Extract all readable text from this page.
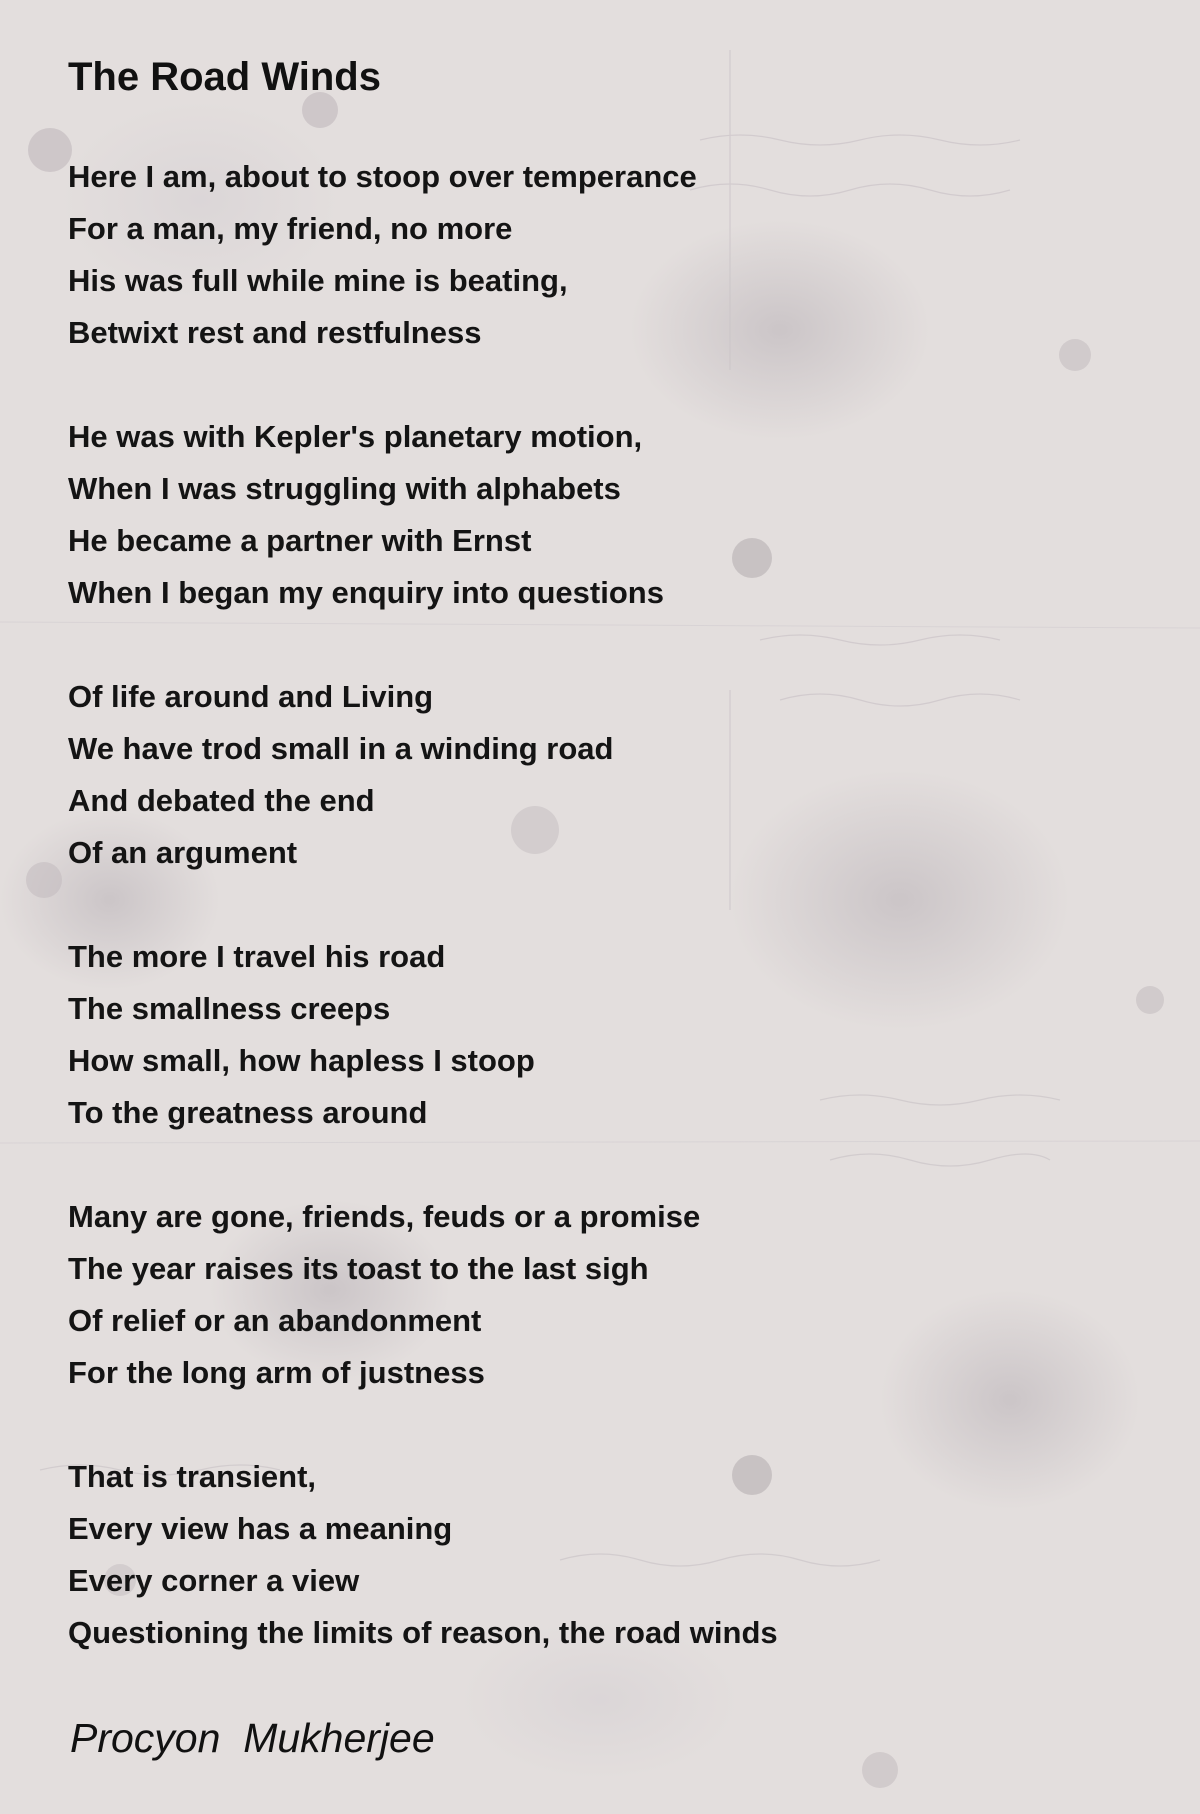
The Road Winds
Here I am, about to stoop over temperance
For a man, my friend, no more
His was full while mine is beating,
Betwixt rest and restfulness
He was with Kepler's planetary motion,
When I was struggling with alphabets
He became a partner with Ernst
When I began my enquiry into questions
Of life around and Living
We have trod small in a winding road
And debated the end
Of an argument
The more I travel his road
The smallness creeps
How small, how hapless I stoop
To the greatness around
Many are gone, friends, feuds or a promise
The year raises its toast to the last sigh
Of relief or an abandonment
For the long arm of justness
That is transient,
Every view has a meaning
Every corner a view
Questioning the limits of reason, the road winds
Procyon  Mukherjee
